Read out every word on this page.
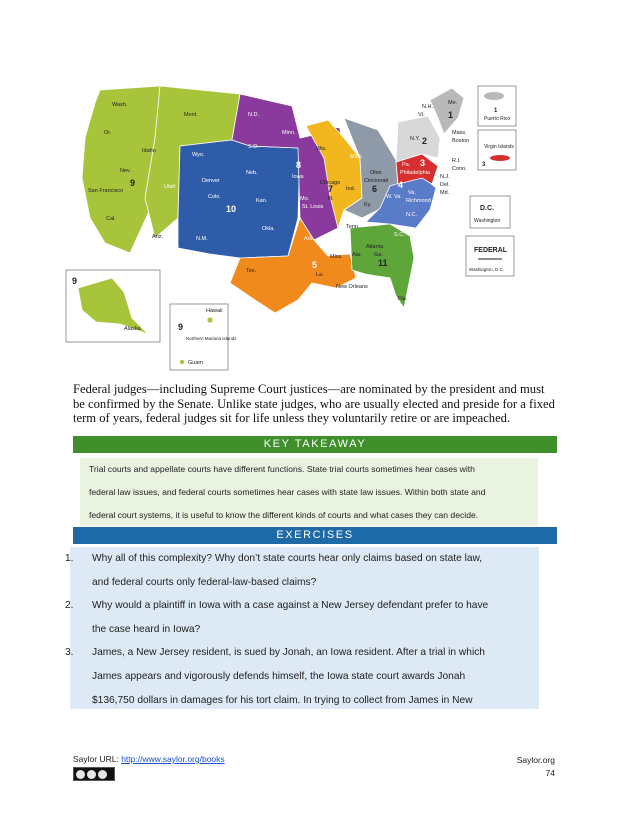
Wash.
Or.
Idaho
Nev.
San Francisco
Cal.
Mont.
Wyo.
Utah
Denver
Colo.
Ariz.	N.M.
N.D.
S.D.
Neb.
Kan.
Okla.
Tex.
Minn.
Iowa
Mo.
St. Louis
Ark.
Wis.
Chicago
Ill.
Ind.
Mich.
Ohio
Cincinnati
Ky.
Tenn.
La.
New Orleans
Miss. Ala.
Atlanta
Ga.
Fla.
Pa.
Philadelphia
W. Va.
Va.
Richmond
N.C.
S.C.
N.H.
Vt.
Me.
N.Y.
Mass.
Boston
R.I.
Conn.
N.J.
Del.
Md.
Alaska
Hawaii
Northern Mariana Islands
Guam
9
10
8
5
7	6
11
4
3
2
1
9
9
1
Puerto Rico
Virgin Islands
3
D.C.
Washington
FEDERAL
Washington, D.C.
Federal judges—including Supreme Court justices—are nominated by the president and must be confirmed by the Senate. Unlike state judges, who are usually elected and preside for a fixed term of years, federal judges sit for life unless they voluntarily retire or are impeached.
KEY TAKEAWAY
Trial courts and appellate courts have different functions. State trial courts sometimes hear cases with
federal law issues, and federal courts sometimes hear cases with state law issues. Within both state and
federal court systems, it is useful to know the different kinds of courts and what cases they can decide.
EXERCISES
1. Why all of this complexity? Why don’t state courts hear only claims based on state law,
and federal courts only federal-law-based claims?
2. Why would a plaintiff in Iowa with a case against a New Jersey defendant prefer to have
the case heard in Iowa?
3. James, a New Jersey resident, is sued by Jonah, an Iowa resident. After a trial in which
James appears and vigorously defends himself, the Iowa state court awards Jonah
$136,750 dollars in damages for his tort claim. In trying to collect from James in New
Saylor URL: http://www.saylor.org/books	Saylor.org
74
